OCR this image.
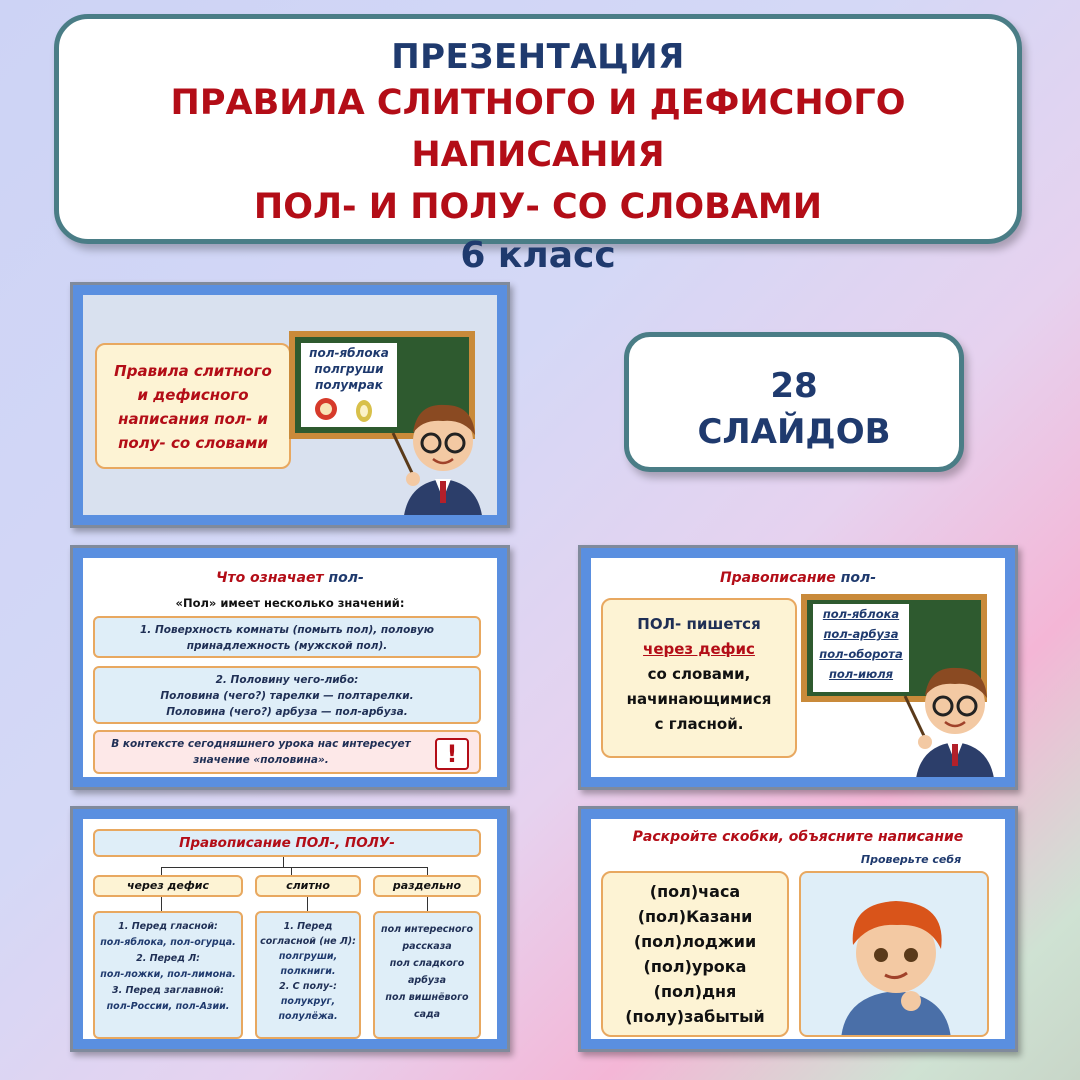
ПРЕЗЕНТАЦИЯ
ПРАВИЛА СЛИТНОГО И ДЕФИСНОГО НАПИСАНИЯ
ПОЛ- И ПОЛУ- СО СЛОВАМИ
6 класс
28
СЛАЙДОВ
Правила слитного
и дефисного
написания пол- и
полу- со словами
пол-яблока
полгруши
полумрак
Что означает пол-
«Пол» имеет несколько значений:
1. Поверхность комнаты (помыть пол), половую
принадлежность (мужской пол).
2. Половину чего-либо:
Половина (чего?) тарелки — полтарелки.
Половина (чего?) арбуза — пол-арбуза.
В контексте сегодняшнего урока нас интересует
значение «половина».	!
Правописание пол-
ПОЛ- пишется
через дефис
со словами,
начинающимися
с гласной.
пол-яблока
пол-арбуза
пол-оборота
пол-июля
Правописание ПОЛ-, ПОЛУ-
через дефис	слитно	раздельно
1. Перед гласной:
пол-яблока, пол-огурца.
2. Перед Л:
пол-ложки, пол-лимона.
3. Перед заглавной:
пол-России, пол-Азии.
1. Перед
согласной (не Л):
полгруши,
полкниги.
2. С полу-:
полукруг,
полулёжа.
пол интересного
рассказа
пол сладкого
арбуза
пол вишнёвого
сада
Раскройте скобки, объясните написание
Проверьте себя
(пол)часа
(пол)Казани
(пол)лоджии
(пол)урока
(пол)дня
(полу)забытый
